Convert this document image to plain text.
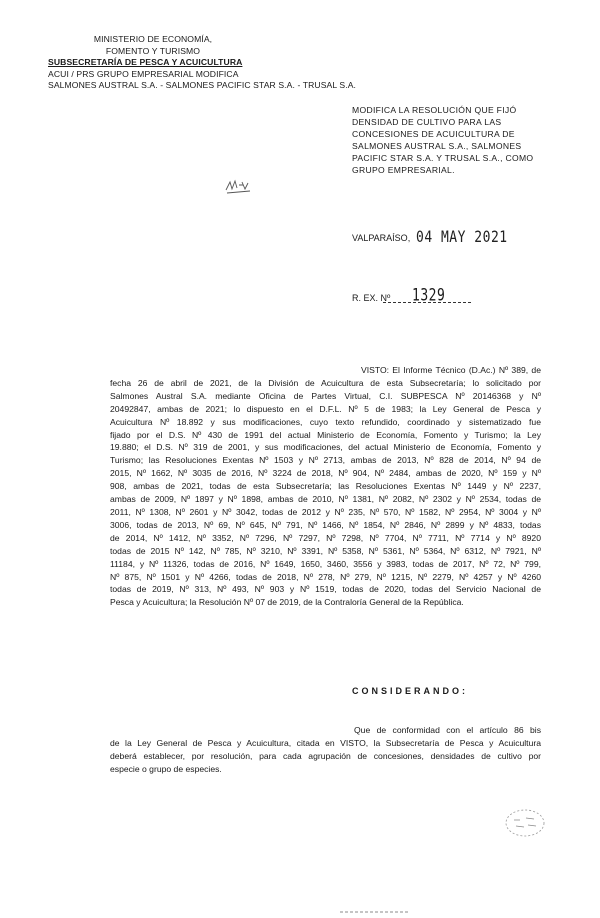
MINISTERIO DE ECONOMÍA,
FOMENTO Y TURISMO
SUBSECRETARÍA DE PESCA Y ACUICULTURA
ACUI / PRS GRUPO EMPRESARIAL MODIFICA
SALMONES AUSTRAL S.A. - SALMONES PACIFIC STAR S.A. - TRUSAL S.A.
MODIFICA LA RESOLUCIÓN QUE FIJÓ
DENSIDAD DE CULTIVO PARA LAS
CONCESIONES DE ACUICULTURA DE
SALMONES AUSTRAL S.A., SALMONES
PACIFIC STAR S.A. Y TRUSAL S.A., COMO
GRUPO EMPRESARIAL.
VALPARAÍSO, 04 MAY 2021
R. EX. Nº 1329
VISTO: El Informe Técnico (D.Ac.) Nº 389, de
fecha 26 de abril de 2021, de la División de Acuicultura de esta Subsecretaría; lo solicitado por
Salmones Austral S.A. mediante Oficina de Partes Virtual, C.I. SUBPESCA Nº 20146368 y Nº
20492847, ambas de 2021; lo dispuesto en el D.F.L. Nº 5 de 1983; la Ley General de Pesca y
Acuicultura Nº 18.892 y sus modificaciones, cuyo texto refundido, coordinado y sistematizado fue
fijado por el D.S. Nº 430 de 1991 del actual Ministerio de Economía, Fomento y Turismo; la Ley
19.880; el D.S. Nº 319 de 2001, y sus modificaciones, del actual Ministerio de Economía, Fomento y
Turismo; las Resoluciones Exentas Nº 1503 y Nº 2713, ambas de 2013, Nº 828 de 2014, Nº 94 de
2015, Nº 1662, Nº 3035 de 2016, Nº 3224 de 2018, Nº 904, Nº 2484, ambas de 2020, Nº 159 y Nº
908, ambas de 2021, todas de esta Subsecretaría; las Resoluciones Exentas Nº 1449 y Nº 2237,
ambas de 2009, Nº 1897 y Nº 1898, ambas de 2010, Nº 1381, Nº 2082, Nº 2302 y Nº 2534, todas de
2011, Nº 1308, Nº 2601 y Nº 3042, todas de 2012 y Nº 235, Nº 570, Nº 1582, Nº 2954, Nº 3004 y Nº
3006, todas de 2013, Nº 69, Nº 645, Nº 791, Nº 1466, Nº 1854, Nº 2846, Nº 2899 y Nº 4833, todas
de 2014, Nº 1412, Nº 3352, Nº 7296, Nº 7297, Nº 7298, Nº 7704, Nº 7711, Nº 7714 y Nº 8920
todas de 2015 Nº 142, Nº 785, Nº 3210, Nº 3391, Nº 5358, Nº 5361, Nº 5364, Nº 6312, Nº 7921, Nº
11184, y Nº 11326, todas de 2016, Nº 1649, 1650, 3460, 3556 y 3983, todas de 2017, Nº 72, Nº 799,
Nº 875, Nº 1501 y Nº 4266, todas de 2018, Nº 278, Nº 279, Nº 1215, Nº 2279, Nº 4257 y Nº 4260
todas de 2019, Nº 313, Nº 493, Nº 903 y Nº 1519, todas de 2020, todas del Servicio Nacional de
Pesca y Acuicultura; la Resolución Nº 07 de 2019, de la Contraloría General de la República.
CONSIDERANDO:
Que de conformidad con el artículo 86 bis
de la Ley General de Pesca y Acuicultura, citada en VISTO, la Subsecretaría de Pesca y Acuicultura
deberá establecer, por resolución, para cada agrupación de concesiones, densidades de cultivo por
especie o grupo de especies.
